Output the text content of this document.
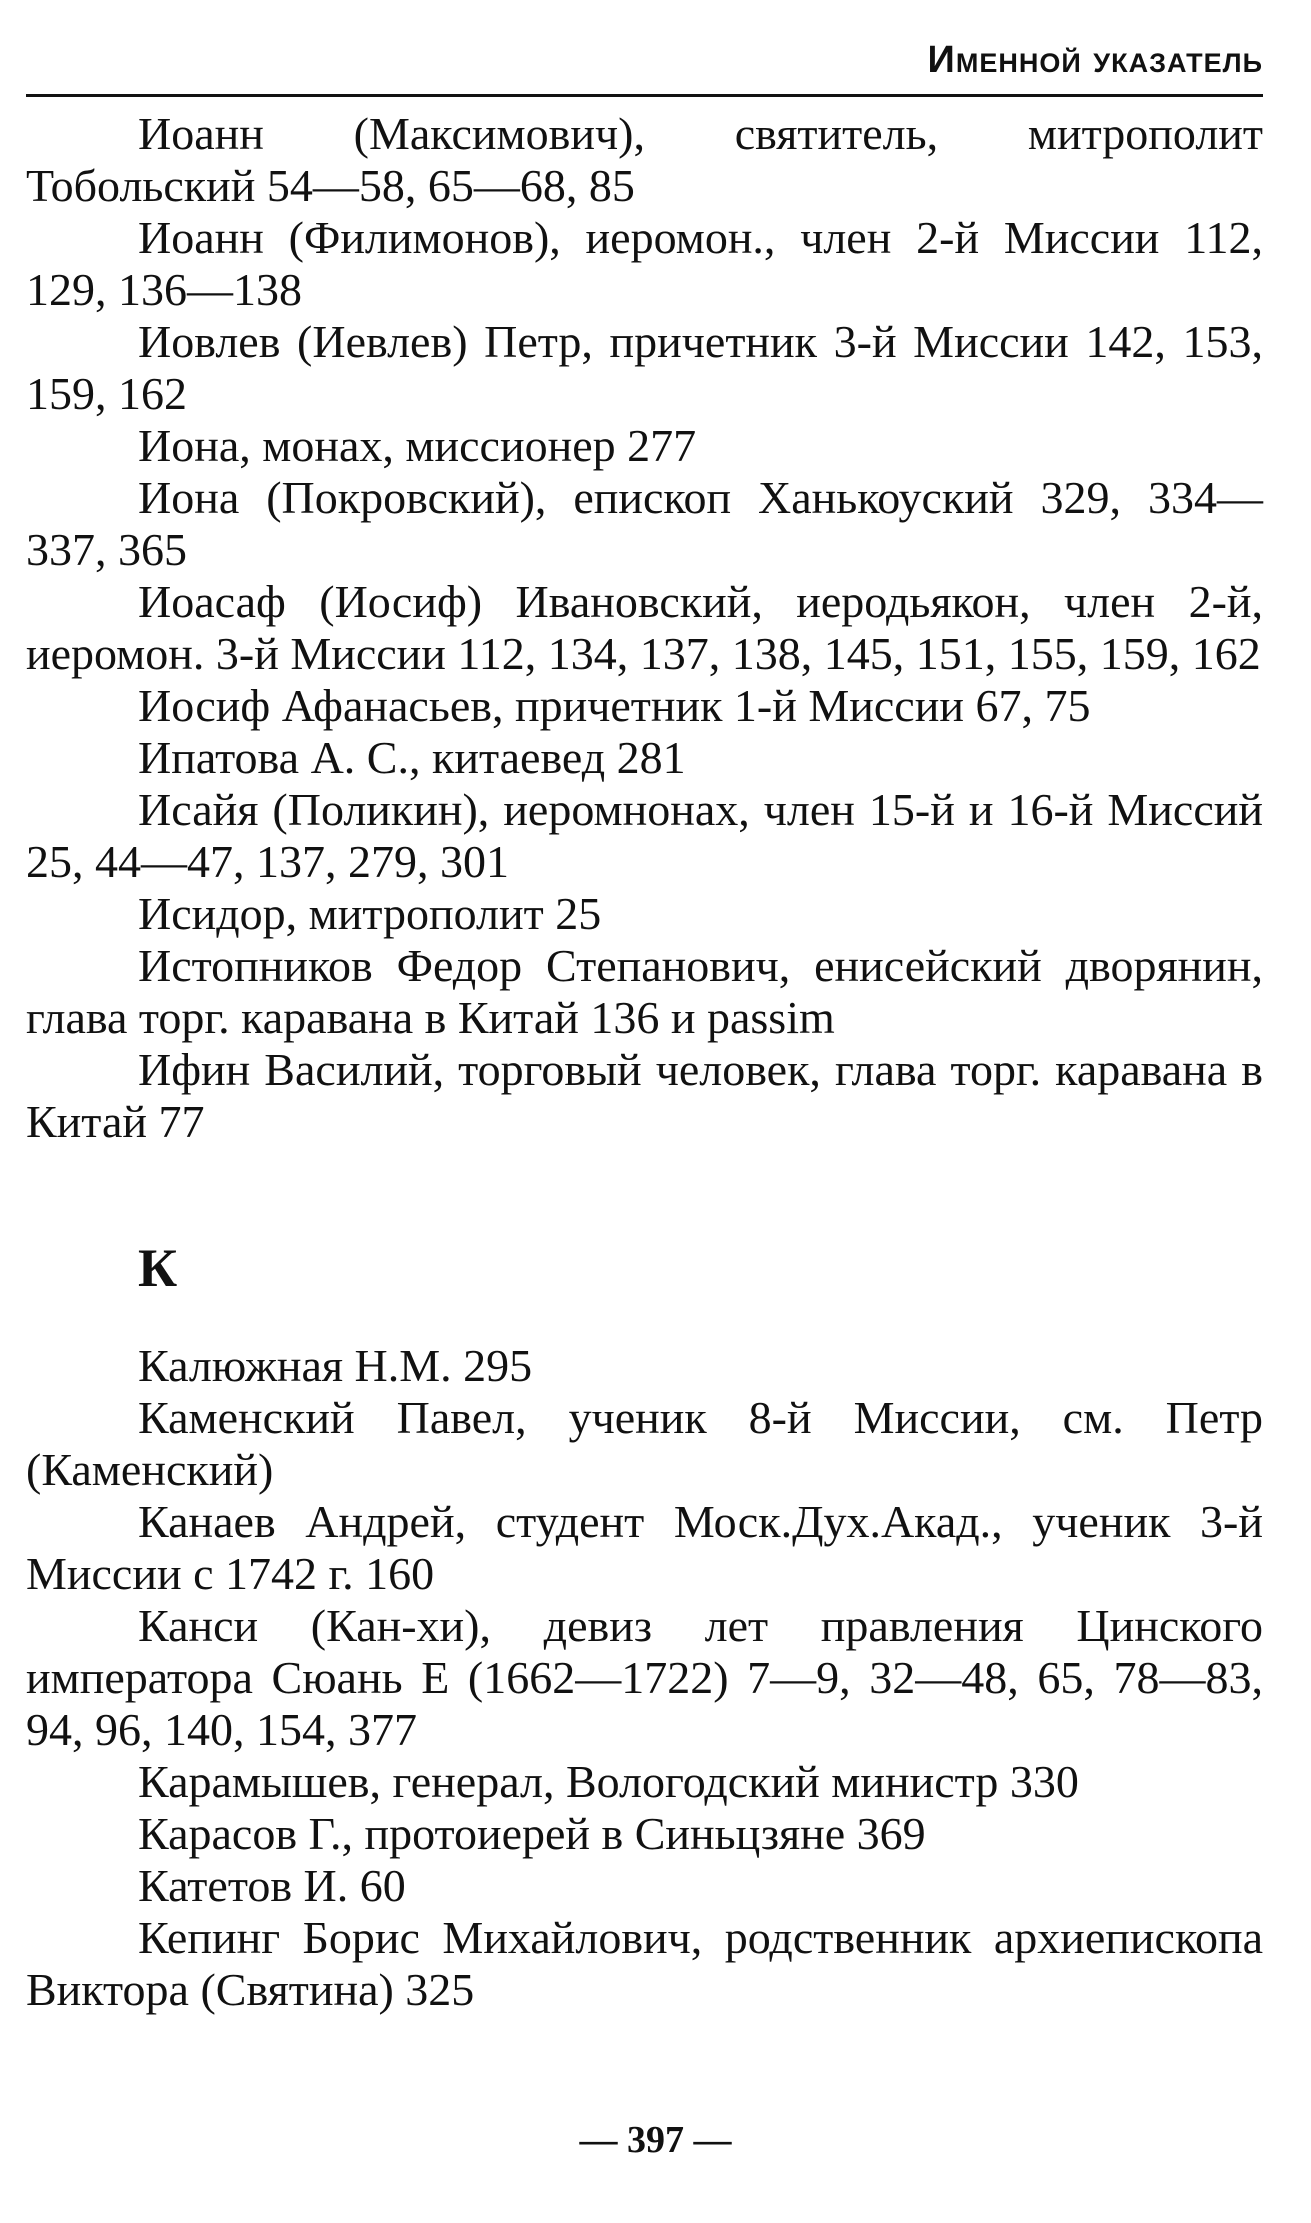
Именной указатель

Иоанн (Максимович), святитель, митрополит Тобольский 54—58, 65—68, 85

Иоанн (Филимонов), иеромон., член 2-й Миссии 112, 129, 136—138

Иовлев (Иевлев) Петр, причетник 3-й Миссии 142, 153, 159, 162

Иона, монах, миссионер 277

Иона (Покровский), епископ Ханькоуский 329, 334—337, 365

Иоасаф (Иосиф) Ивановский, иеродьякон, член 2-й, иеромон. 3-й Миссии 112, 134, 137, 138, 145, 151, 155, 159, 162

Иосиф Афанасьев, причетник 1-й Миссии 67, 75

Ипатова А. С., китаевед 281

Исайя (Поликин), иеромнонах, член 15-й и 16-й Миссий 25, 44—47, 137, 279, 301

Исидор, митрополит 25

Истопников Федор Степанович, енисейский дворянин, глава торг. каравана в Китай 136 и passim

Ифин Василий, торговый человек, глава торг. каравана в Китай 77

К

Калюжная Н.М. 295

Каменский Павел, ученик 8-й Миссии, см. Петр (Каменский)

Канаев Андрей, студент Моск.Дух.Акад., ученик 3-й Миссии с 1742 г. 160

Канси (Кан-хи), девиз лет правления Цинского императора Сюань Е (1662—1722) 7—9, 32—48, 65, 78—83, 94, 96, 140, 154, 377

Карамышев, генерал, Вологодский министр 330

Карасов Г., протоиерей в Синьцзяне 369

Катетов И. 60

Кепинг Борис Михайлович, родственник архиепископа Виктора (Святина) 325

— 397 —
